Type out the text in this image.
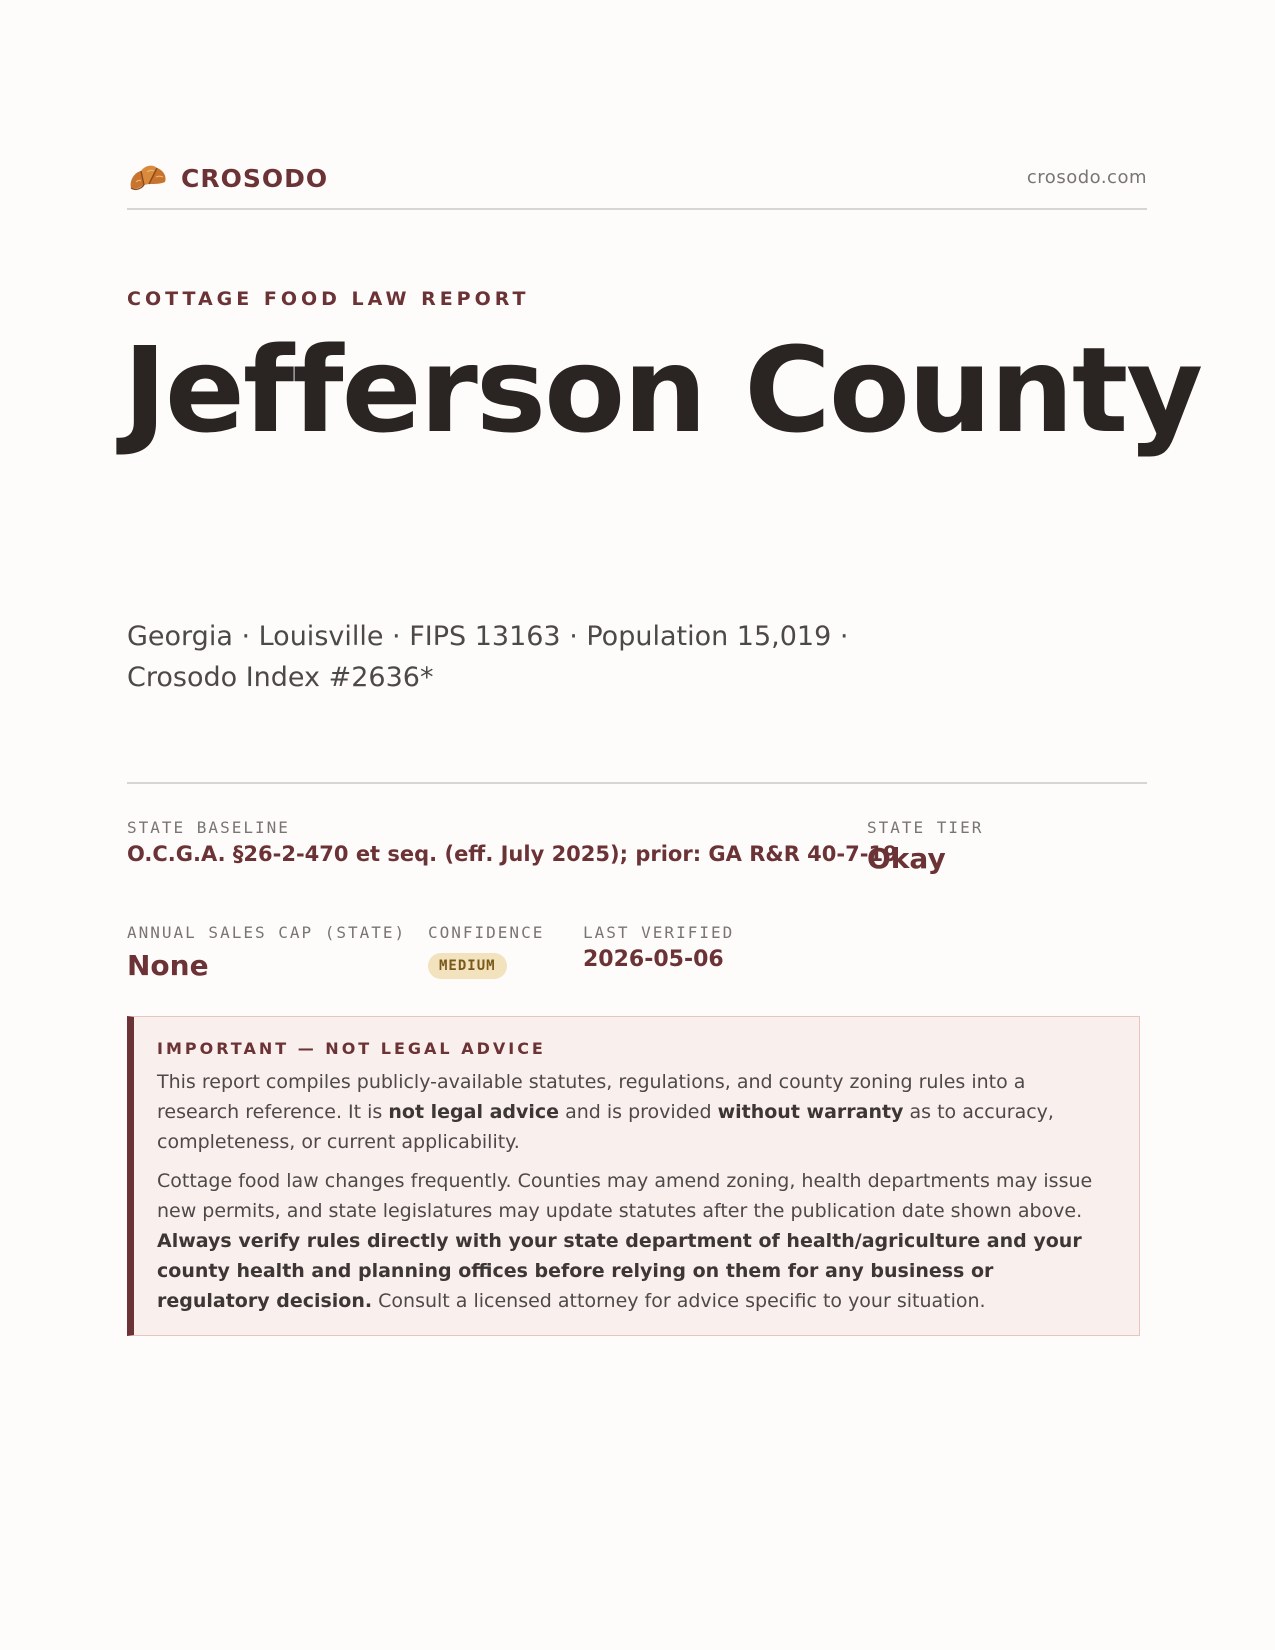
CROSODO	crosodo.com
COTTAGE FOOD LAW REPORT
Jefferson County
Georgia · Louisville · FIPS 13163 · Population 15,019 · Crosodo Index #2636*
STATE BASELINE
O.C.G.A. §26-2-470 et seq. (eff. July 2025); prior: GA R&R 40-7-19
STATE TIER
Okay
ANNUAL SALES CAP (STATE)
None
CONFIDENCE
MEDIUM
LAST VERIFIED
2026-05-06
IMPORTANT — NOT LEGAL ADVICE

This report compiles publicly-available statutes, regulations, and county zoning rules into a research reference. It is not legal advice and is provided without warranty as to accuracy, completeness, or current applicability.

Cottage food law changes frequently. Counties may amend zoning, health departments may issue new permits, and state legislatures may update statutes after the publication date shown above. Always verify rules directly with your state department of health/agriculture and your county health and planning offices before relying on them for any business or regulatory decision. Consult a licensed attorney for advice specific to your situation.
